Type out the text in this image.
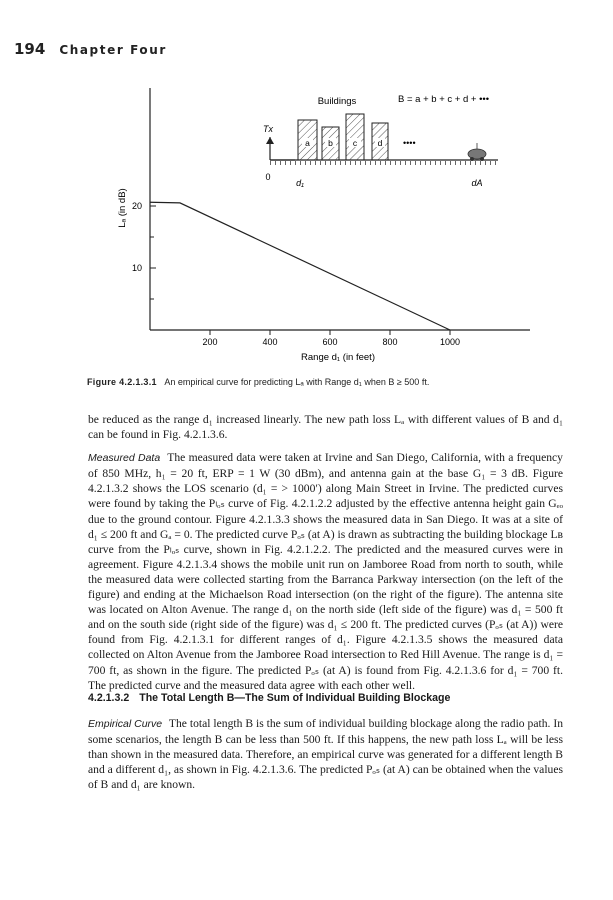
194 Chapter Four
Buildings	B = a + b + c + d + •••
Tx
a b c d ••••
0
d₁	dA
200	400	600	800	1000
20
10
Range d₁ (in feet)
Lₐ (in dB)
Figure 4.2.1.3.1 An empirical curve for predicting Lₐ with Range d₁ when B ≥ 500 ft.

be reduced as the range d₁ increased linearly. The new path loss Lₐ with different values of B and d₁ can be found in Fig. 4.2.1.3.6.

Measured Data The measured data were taken at Irvine and San Diego, California, with a frequency of 850 MHz, h₁ = 20 ft, ERP = 1 W (30 dBm), and antenna gain at the base G₁ = 3 dB. Figure 4.2.1.3.2 shows the LOS scenario (d₁ = > 1000′) along Main Street in Irvine. The predicted curves were found by taking the Pₗₒₛ curve of Fig. 4.2.1.2.2 adjusted by the effective antenna height gain Gₑₒ due to the ground contour. Figure 4.2.1.3.3 shows the measured data in San Diego. It was at a site of d₁ ≤ 200 ft and Gₐ = 0. The predicted curve Pₒₛ (at A) is drawn as subtracting the building blockage Lʙ curve from the Pₗₒₛ curve, shown in Fig. 4.2.1.2.2. The predicted and the measured curves were in agreement. Figure 4.2.1.3.4 shows the mobile unit run on Jamboree Road from north to south, while the measured data were collected starting from the Barranca Parkway intersection (on the left of the figure) and ending at the Michaelson Road intersection (on the right of the figure). The antenna site was located on Alton Avenue. The range d₁ on the north side (left side of the figure) was d₁ = 500 ft and on the south side (right side of the figure) was d₁ ≤ 200 ft. The predicted curves (Pₒₛ (at A)) were found from Fig. 4.2.1.3.1 for different ranges of d₁. Figure 4.2.1.3.5 shows the measured data collected on Alton Avenue from the Jamboree Road intersection to Red Hill Avenue. The range is d₁ = 700 ft, as shown in the figure. The predicted Pₒₛ (at A) is found from Fig. 4.2.1.3.6 for d₁ = 700 ft. The predicted curve and the measured data agree with each other well.

4.2.1.3.2 The Total Length B—The Sum of Individual Building Blockage

Empirical Curve The total length B is the sum of individual building blockage along the radio path. In some scenarios, the length B can be less than 500 ft. If this happens, the new path loss Lₐ will be less than shown in the measured data. Therefore, an empirical curve was generated for a different length B and a different d₁, as shown in Fig. 4.2.1.3.6. The predicted Pₒₛ (at A) can be obtained when the values of B and d₁ are known.
